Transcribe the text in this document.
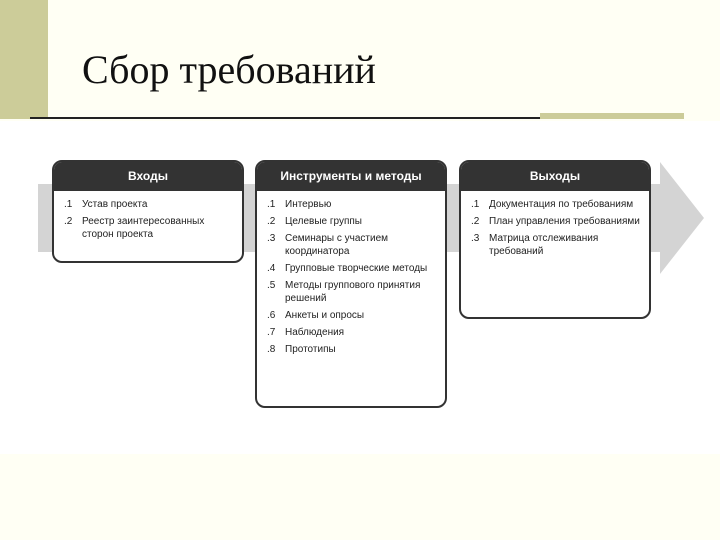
Сбор требований
Входы
.1 Устав проекта
.2 Реестр заинтересованных сторон проекта
Инструменты и методы
.1 Интервью
.2 Целевые группы
.3 Семинары с участием координатора
.4 Групповые творческие методы
.5 Методы группового принятия решений
.6 Анкеты и опросы
.7 Наблюдения
.8 Прототипы
Выходы
.1 Документация по требованиям
.2 План управления требованиями
.3 Матрица отслеживания требований
